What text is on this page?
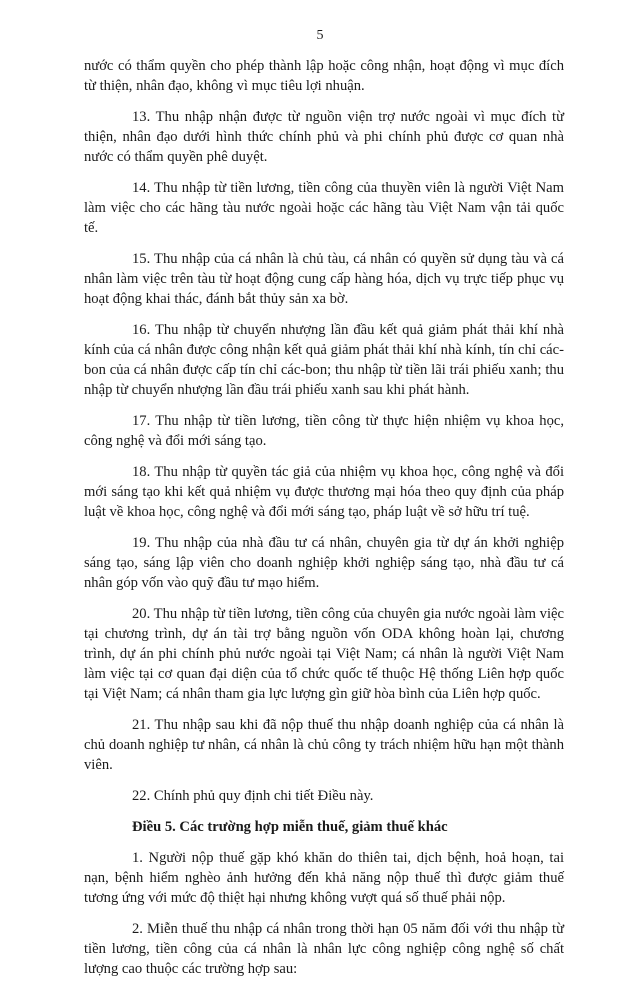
5

nước có thẩm quyền cho phép thành lập hoặc công nhận, hoạt động vì mục đích từ thiện, nhân đạo, không vì mục tiêu lợi nhuận.

13. Thu nhập nhận được từ nguồn viện trợ nước ngoài vì mục đích từ thiện, nhân đạo dưới hình thức chính phủ và phi chính phủ được cơ quan nhà nước có thẩm quyền phê duyệt.

14. Thu nhập từ tiền lương, tiền công của thuyền viên là người Việt Nam làm việc cho các hãng tàu nước ngoài hoặc các hãng tàu Việt Nam vận tải quốc tế.

15. Thu nhập của cá nhân là chủ tàu, cá nhân có quyền sử dụng tàu và cá nhân làm việc trên tàu từ hoạt động cung cấp hàng hóa, dịch vụ trực tiếp phục vụ hoạt động khai thác, đánh bắt thủy sản xa bờ.

16. Thu nhập từ chuyển nhượng lần đầu kết quả giảm phát thải khí nhà kính của cá nhân được công nhận kết quả giảm phát thải khí nhà kính, tín chỉ các-bon của cá nhân được cấp tín chỉ các-bon; thu nhập từ tiền lãi trái phiếu xanh; thu nhập từ chuyển nhượng lần đầu trái phiếu xanh sau khi phát hành.

17. Thu nhập từ tiền lương, tiền công từ thực hiện nhiệm vụ khoa học, công nghệ và đổi mới sáng tạo.

18. Thu nhập từ quyền tác giả của nhiệm vụ khoa học, công nghệ và đổi mới sáng tạo khi kết quả nhiệm vụ được thương mại hóa theo quy định của pháp luật về khoa học, công nghệ và đổi mới sáng tạo, pháp luật về sở hữu trí tuệ.

19. Thu nhập của nhà đầu tư cá nhân, chuyên gia từ dự án khởi nghiệp sáng tạo, sáng lập viên cho doanh nghiệp khởi nghiệp sáng tạo, nhà đầu tư cá nhân góp vốn vào quỹ đầu tư mạo hiểm.

20. Thu nhập từ tiền lương, tiền công của chuyên gia nước ngoài làm việc tại chương trình, dự án tài trợ bằng nguồn vốn ODA không hoàn lại, chương trình, dự án phi chính phủ nước ngoài tại Việt Nam; cá nhân là người Việt Nam làm việc tại cơ quan đại diện của tổ chức quốc tế thuộc Hệ thống Liên hợp quốc tại Việt Nam; cá nhân tham gia lực lượng gìn giữ hòa bình của Liên hợp quốc.

21. Thu nhập sau khi đã nộp thuế thu nhập doanh nghiệp của cá nhân là chủ doanh nghiệp tư nhân, cá nhân là chủ công ty trách nhiệm hữu hạn một thành viên.

22. Chính phủ quy định chi tiết Điều này.

Điều 5. Các trường hợp miễn thuế, giảm thuế khác

1. Người nộp thuế gặp khó khăn do thiên tai, dịch bệnh, hoả hoạn, tai nạn, bệnh hiểm nghèo ảnh hưởng đến khả năng nộp thuế thì được giảm thuế tương ứng với mức độ thiệt hại nhưng không vượt quá số thuế phải nộp.

2. Miễn thuế thu nhập cá nhân trong thời hạn 05 năm đối với thu nhập từ tiền lương, tiền công của cá nhân là nhân lực công nghiệp công nghệ số chất lượng cao thuộc các trường hợp sau:
